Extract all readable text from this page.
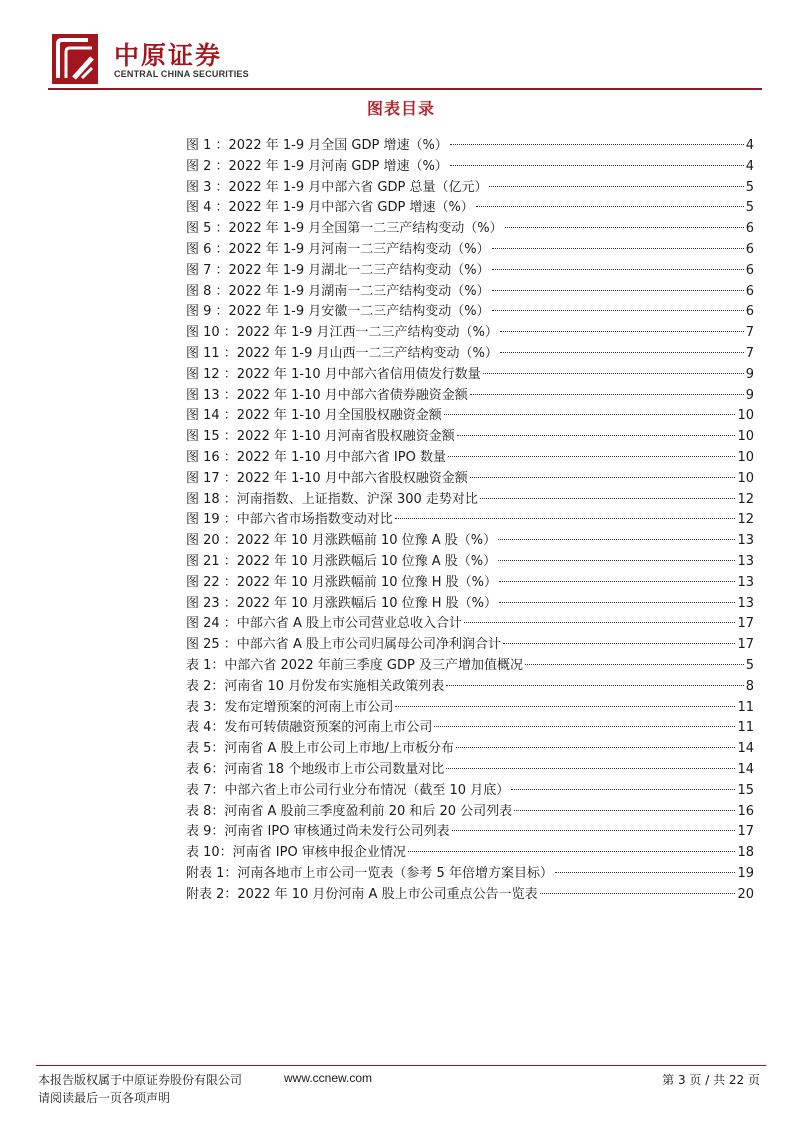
中原证券
CENTRAL CHINA SECURITIES
图表目录
图 1 ：2022 年 1-9 月全国 GDP 增速（%）	4
图 2 ：2022 年 1-9 月河南 GDP 增速（%）	4
图 3 ：2022 年 1-9 月中部六省 GDP 总量（亿元）	5
图 4 ：2022 年 1-9 月中部六省 GDP 增速（%）	5
图 5 ：2022 年 1-9 月全国第一二三产结构变动（%）	6
图 6 ：2022 年 1-9 月河南一二三产结构变动（%）	6
图 7 ：2022 年 1-9 月湖北一二三产结构变动（%）	6
图 8 ：2022 年 1-9 月湖南一二三产结构变动（%）	6
图 9 ：2022 年 1-9 月安徽一二三产结构变动（%）	6
图 10 ：2022 年 1-9 月江西一二三产结构变动（%）	7
图 11 ：2022 年 1-9 月山西一二三产结构变动（%）	7
图 12 ：2022 年 1-10 月中部六省信用债发行数量	9
图 13 ：2022 年 1-10 月中部六省债券融资金额	9
图 14 ：2022 年 1-10 月全国股权融资金额	10
图 15 ：2022 年 1-10 月河南省股权融资金额	10
图 16 ：2022 年 1-10 月中部六省 IPO 数量	10
图 17 ：2022 年 1-10 月中部六省股权融资金额	10
图 18 ：河南指数、上证指数、沪深 300 走势对比	12
图 19 ：中部六省市场指数变动对比	12
图 20 ：2022 年 10 月涨跌幅前 10 位豫 A 股（%）	13
图 21 ：2022 年 10 月涨跌幅后 10 位豫 A 股（%）	13
图 22 ：2022 年 10 月涨跌幅前 10 位豫 H 股（%）	13
图 23 ：2022 年 10 月涨跌幅后 10 位豫 H 股（%）	13
图 24 ：中部六省 A 股上市公司营业总收入合计	17
图 25 ：中部六省 A 股上市公司归属母公司净利润合计	17
表 1：中部六省 2022 年前三季度 GDP 及三产增加值概况	5
表 2：河南省 10 月份发布实施相关政策列表	8
表 3：发布定增预案的河南上市公司	11
表 4：发布可转债融资预案的河南上市公司	11
表 5：河南省 A 股上市公司上市地/上市板分布	14
表 6：河南省 18 个地级市上市公司数量对比	14
表 7：中部六省上市公司行业分布情况（截至 10 月底）	15
表 8：河南省 A 股前三季度盈利前 20 和后 20 公司列表	16
表 9：河南省 IPO 审核通过尚未发行公司列表	17
表 10：河南省 IPO 审核申报企业情况	18
附表 1：河南各地市上市公司一览表（参考 5 年倍增方案目标）	19
附表 2：2022 年 10 月份河南 A 股上市公司重点公告一览表	20
本报告版权属于中原证券股份有限公司	www.ccnew.com	第 3 页 / 共 22 页
请阅读最后一页各项声明
